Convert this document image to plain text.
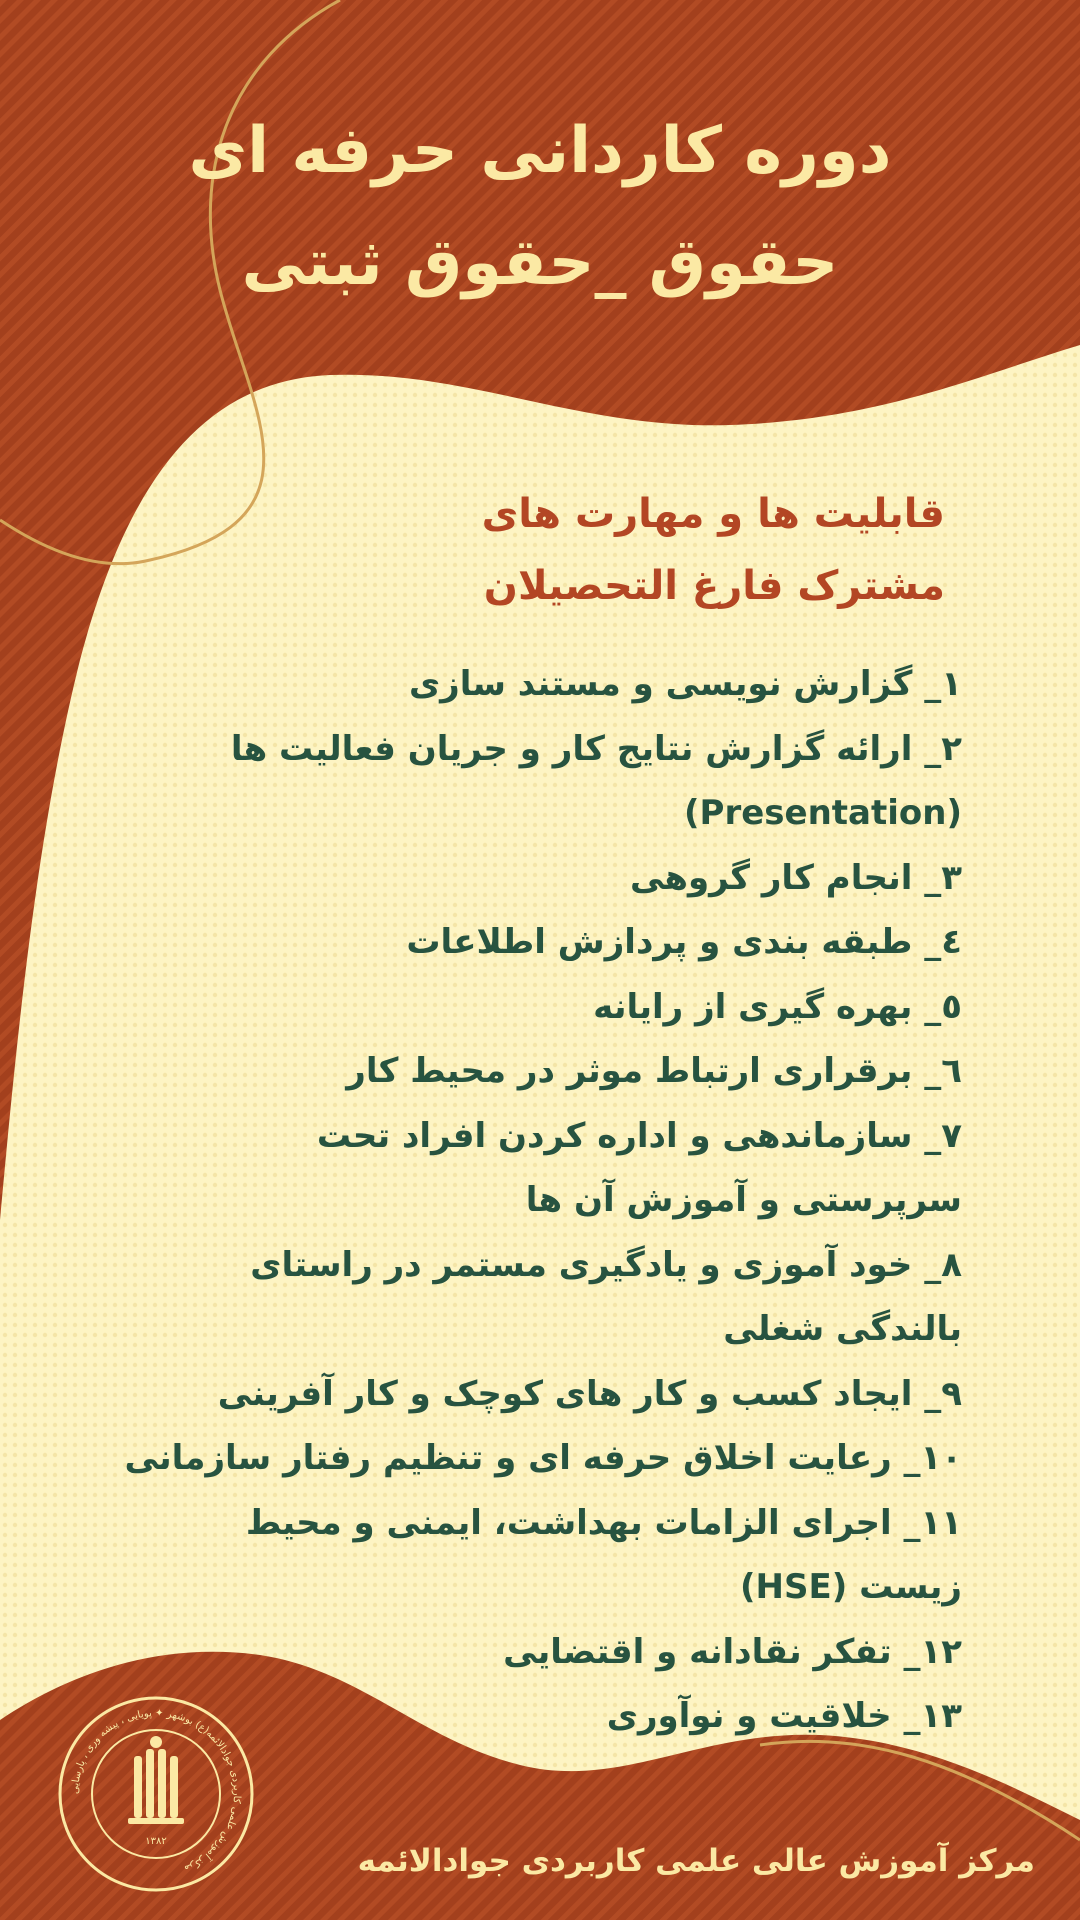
دوره کاردانی حرفه ای
حقوق _حقوق ثبتی
قابلیت ها و مهارت های
مشترک فارغ التحصیلان
۱_ گزارش نویسی و مستند سازی
۲_ ارائه گزارش نتایج کار و جریان فعالیت ها
(Presentation)
۳_ انجام کار گروهی
٤_ طبقه بندی و پردازش اطلاعات
٥_ بهره گیری از رایانه
٦_ برقراری ارتباط موثر در محیط کار
۷_ سازماندهی و اداره کردن افراد تحت
سرپرستی و آموزش آن ها
۸_ خود آموزی و یادگیری مستمر در راستای
بالندگی شغلی
۹_ ایجاد کسب و کار های کوچک و کار آفرینی
۱۰_ رعایت اخلاق حرفه ای و تنظیم رفتار سازمانی
۱۱_ اجرای الزامات بهداشت، ایمنی و محیط
زیست (HSE)
۱۲_ تفکر نقادانه و اقتضایی
۱۳_ خلاقیت و نوآوری
مرکز آموزش علمی کاربردی جوادالائمه(ع) بوشهر ✦ پویایی ، پیشه وری ، پارسایی
۱۳۸۲
مرکز آموزش عالی علمی کاربردی جوادالائمه
